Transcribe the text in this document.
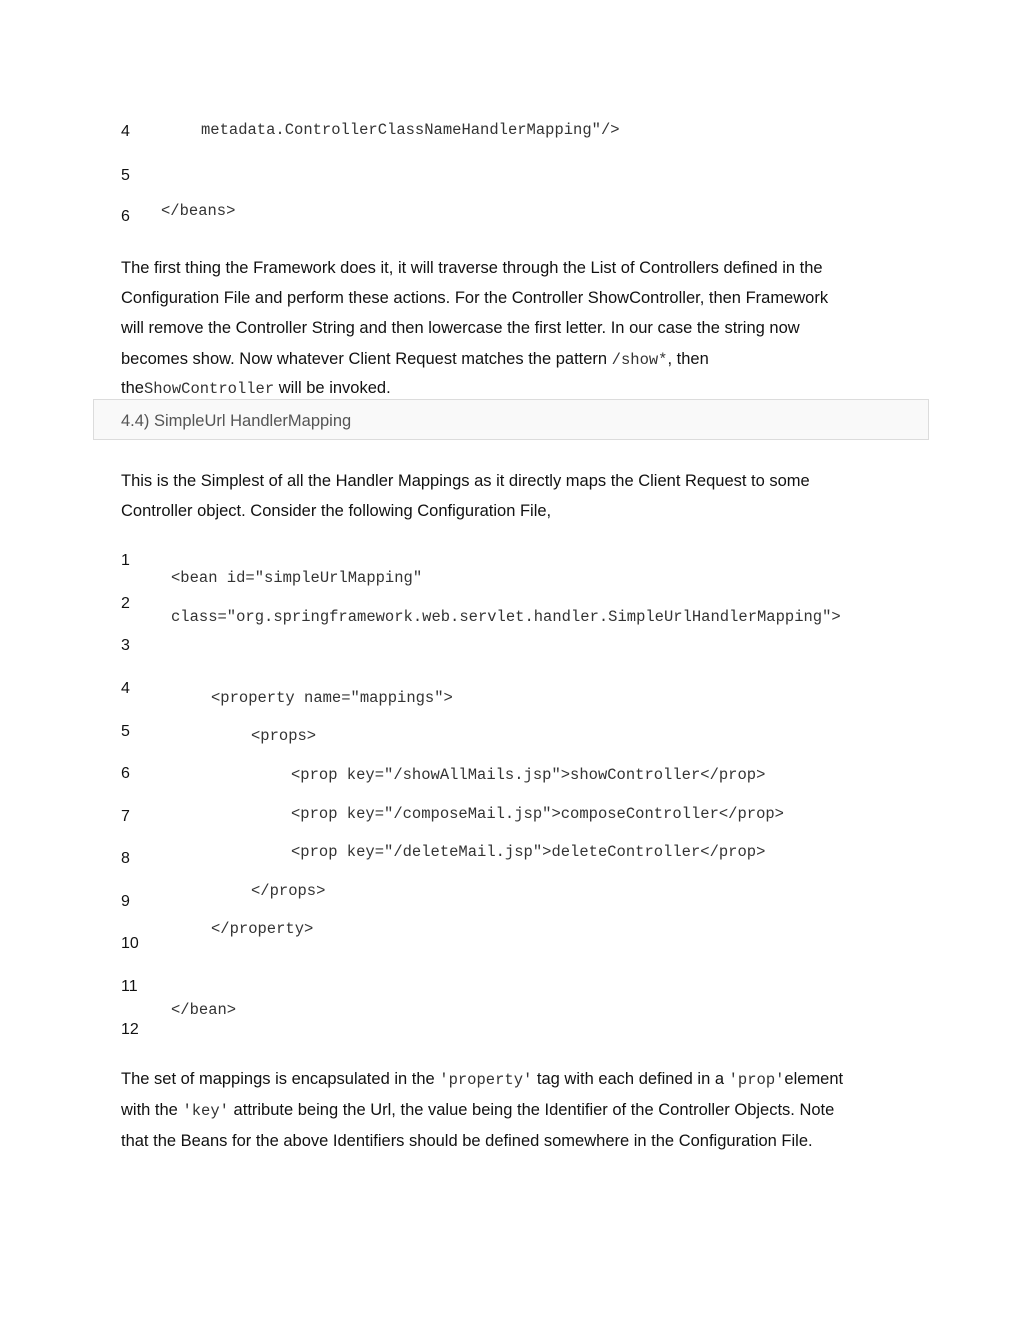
4	metadata.ControllerClassNameHandlerMapping"/>
5
6 </beans>
The first thing the Framework does it, it will traverse through the List of Controllers defined in the
Configuration File and perform these actions. For the Controller ShowController, then Framework
will remove the Controller String and then lowercase the first letter. In our case the string now
becomes show. Now whatever Client Request matches the pattern /show*, then
theShowController will be invoked.
4.4) SimpleUrl HandlerMapping
This is the Simplest of all the Handler Mappings as it directly maps the Client Request to some
Controller object. Consider the following Configuration File,
1
2
3
4
5
6
7
8
9
10
11
12
<bean id="simpleUrlMapping"
class="org.springframework.web.servlet.handler.SimpleUrlHandlerMapping">
<property name="mappings">
<props>
<prop key="/showAllMails.jsp">showController</prop>
<prop key="/composeMail.jsp">composeController</prop>
<prop key="/deleteMail.jsp">deleteController</prop>
</props>
</property>
</bean>
The set of mappings is encapsulated in the 'property' tag with each defined in a 'prop'element
with the 'key' attribute being the Url, the value being the Identifier of the Controller Objects. Note
that the Beans for the above Identifiers should be defined somewhere in the Configuration File.
